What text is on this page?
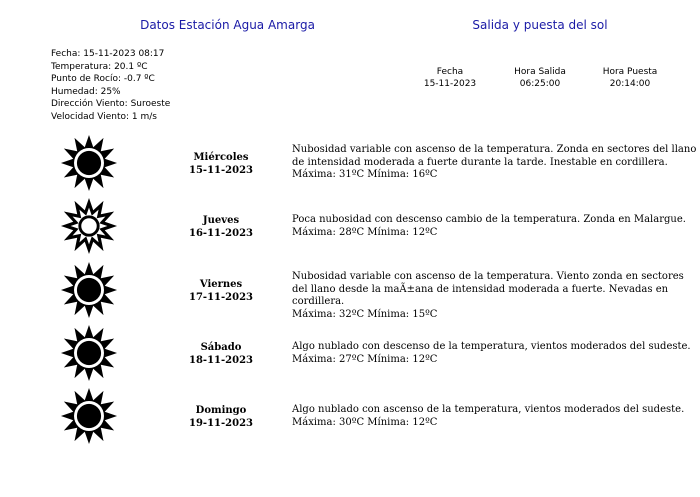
Datos Estación Agua Amarga	Salida y puesta del sol
Fecha: 15-11-2023 08:17
Temperatura: 20.1 ºC
Punto de Rocío: -0.7 ºC
Humedad: 25%
Dirección Viento: Suroeste
Velocidad Viento: 1 m/s
Fecha
15-11-2023
Hora Salida
06:25:00
Hora Puesta
20:14:00
Miércoles
15-11-2023
Nubosidad variable con ascenso de la temperatura. Zonda en sectores del llano de intensidad moderada a fuerte durante la tarde. Inestable en cordillera.
Máxima: 31ºC Mínima: 16ºC
Jueves
16-11-2023
Poca nubosidad con descenso cambio de la temperatura. Zonda en Malargue.
Máxima: 28ºC Mínima: 12ºC
Viernes
17-11-2023
Nubosidad variable con ascenso de la temperatura. Viento zonda en sectores del llano desde la maÃ±ana de intensidad moderada a fuerte. Nevadas en cordillera.
Máxima: 32ºC Mínima: 15ºC
Sábado
18-11-2023
Algo nublado con descenso de la temperatura, vientos moderados del sudeste.
Máxima: 27ºC Mínima: 12ºC
Domingo
19-11-2023
Algo nublado con ascenso de la temperatura, vientos moderados del sudeste.
Máxima: 30ºC Mínima: 12ºC
